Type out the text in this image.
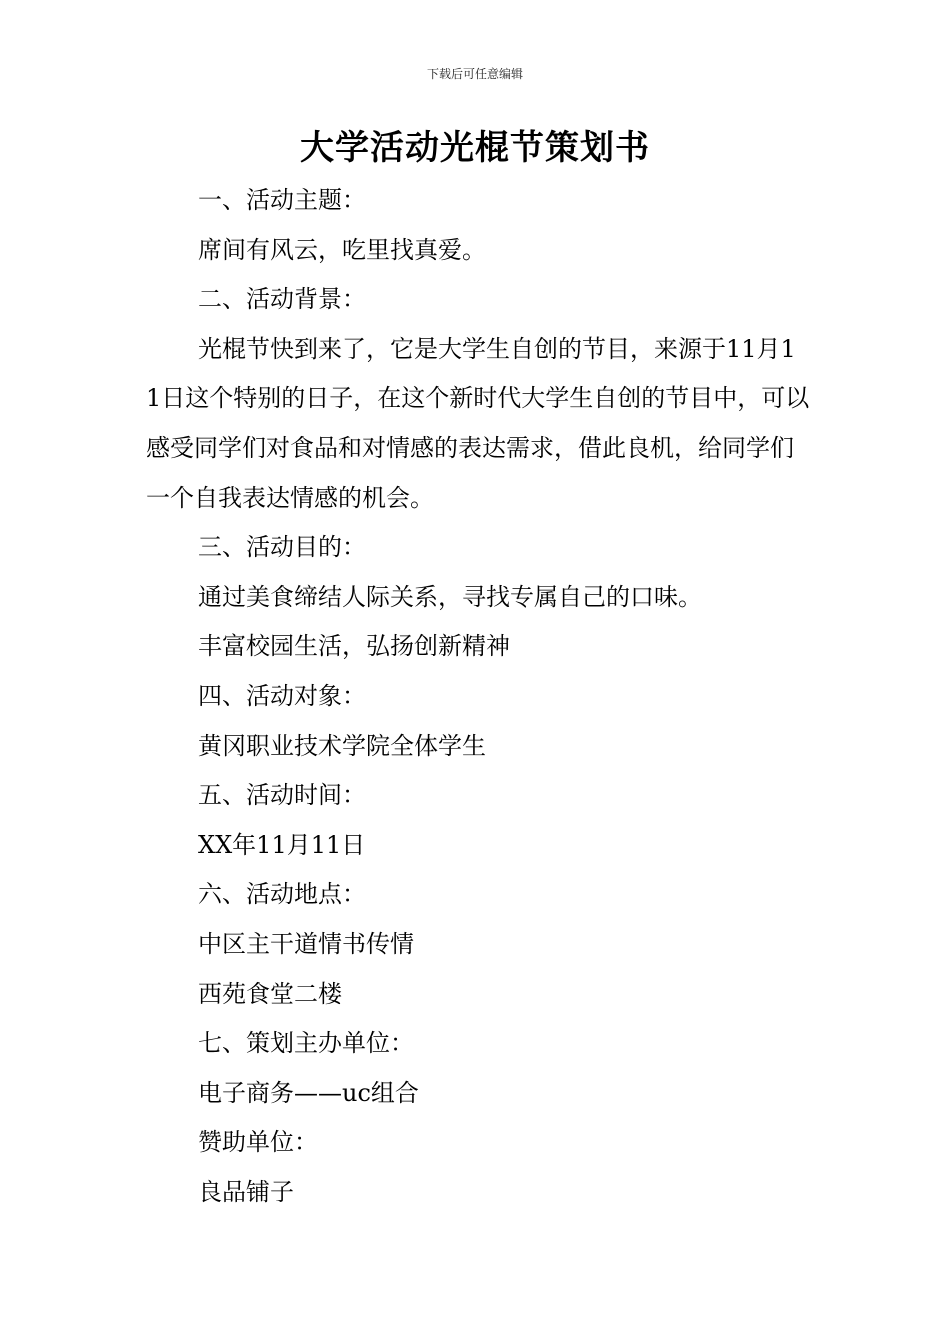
下载后可任意编辑
大学活动光棍节策划书

一、活动主题：

席间有风云，吃里找真爱。

二、活动背景：

光棍节快到来了，它是大学生自创的节目，来源于11月11日这个特别的日子，在这个新时代大学生自创的节目中，可以感受同学们对食品和对情感的表达需求，借此良机，给同学们一个自我表达情感的机会。

三、活动目的：

通过美食缔结人际关系，寻找专属自己的口味。

丰富校园生活，弘扬创新精神

四、活动对象：

黄冈职业技术学院全体学生

五、活动时间：

XX年11月11日

六、活动地点：

中区主干道情书传情

西苑食堂二楼

七、策划主办单位：

电子商务——uc组合

赞助单位：

良品铺子
